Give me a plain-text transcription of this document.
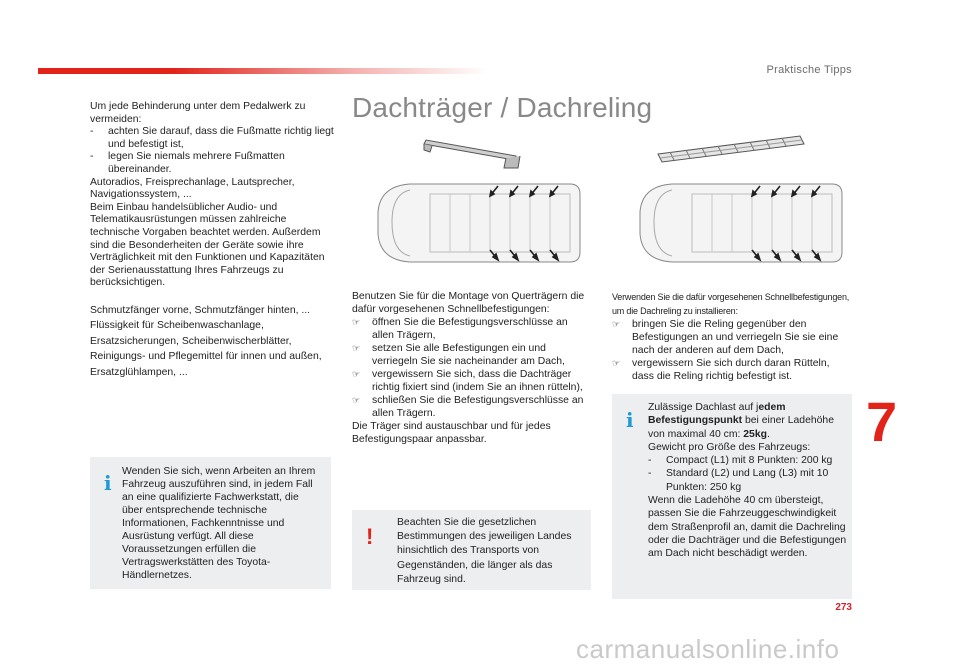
Praktische Tipps
273
7

Um jede Behinderung unter dem Pedalwerk zu vermeiden:

-	achten Sie darauf, dass die Fußmatte richtig liegt und befestigt ist,
-	legen Sie niemals mehrere Fußmatten übereinander.

Autoradios, Freisprechanlage, Lautsprecher, Navigationssystem, ...

Beim Einbau handelsüblicher Audio- und Telematikausrüstungen müssen zahlreiche technische Vorgaben beachtet werden. Außerdem sind die Besonderheiten der Geräte sowie ihre Verträglichkeit mit den Funktionen und Kapazitäten der Serienausstattung Ihres Fahrzeugs zu berücksichtigen.

Schmutzfänger vorne, Schmutzfänger hinten, ...

Flüssigkeit für Scheibenwaschanlage, Ersatzsicherungen, Scheibenwischerblätter, Reinigungs- und Pflegemittel für innen und außen, Ersatzglühlampen, ...

i Wenden Sie sich, wenn Arbeiten an Ihrem Fahrzeug auszuführen sind, in jedem Fall an eine qualifizierte Fachwerkstatt, die über entsprechende technische Informationen, Fachkenntnisse und Ausrüstung verfügt. All diese Voraussetzungen erfüllen die Vertragswerkstätten des Toyota-Händlernetzes.
Dachträger / Dachreling
Benutzen Sie für die Montage von Querträgern die dafür vorgesehenen Schnellbefestigungen:
☞	öffnen Sie die Befestigungsverschlüsse an allen Trägern,
☞	setzen Sie alle Befestigungen ein und verriegeln Sie sie nacheinander am Dach,
☞	vergewissern Sie sich, dass die Dachträger richtig fixiert sind (indem Sie an ihnen rütteln),
☞	schließen Sie die Befestigungsverschlüsse an allen Trägern.
Die Träger sind austauschbar und für jedes Befestigungspaar anpassbar.
!
Beachten Sie die gesetzlichen Bestimmungen des jeweiligen Landes hinsichtlich des Transports von Gegenständen, die länger als das Fahrzeug sind.
Verwenden Sie die dafür vorgesehenen Schnellbefestigungen, um die Dachreling zu installieren:
☞	bringen Sie die Reling gegenüber den Befestigungen an und verriegeln Sie sie eine nach der anderen auf dem Dach,
☞	vergewissern Sie sich durch daran Rütteln, dass die Reling richtig befestigt ist.
i
Zulässige Dachlast auf jedem Befestigungspunkt bei einer Ladehöhe von maximal 40 cm: 25kg.
Gewicht pro Größe des Fahrzeugs:
-	Compact (L1) mit 8 Punkten: 200 kg
-	Standard (L2) und Lang (L3) mit 10 Punkten: 250 kg
Wenn die Ladehöhe 40 cm übersteigt, passen Sie die Fahrzeuggeschwindigkeit dem Straßenprofil an, damit die Dachreling oder die Dachträger und die Befestigungen am Dach nicht beschädigt werden.
carmanualsonline.info
